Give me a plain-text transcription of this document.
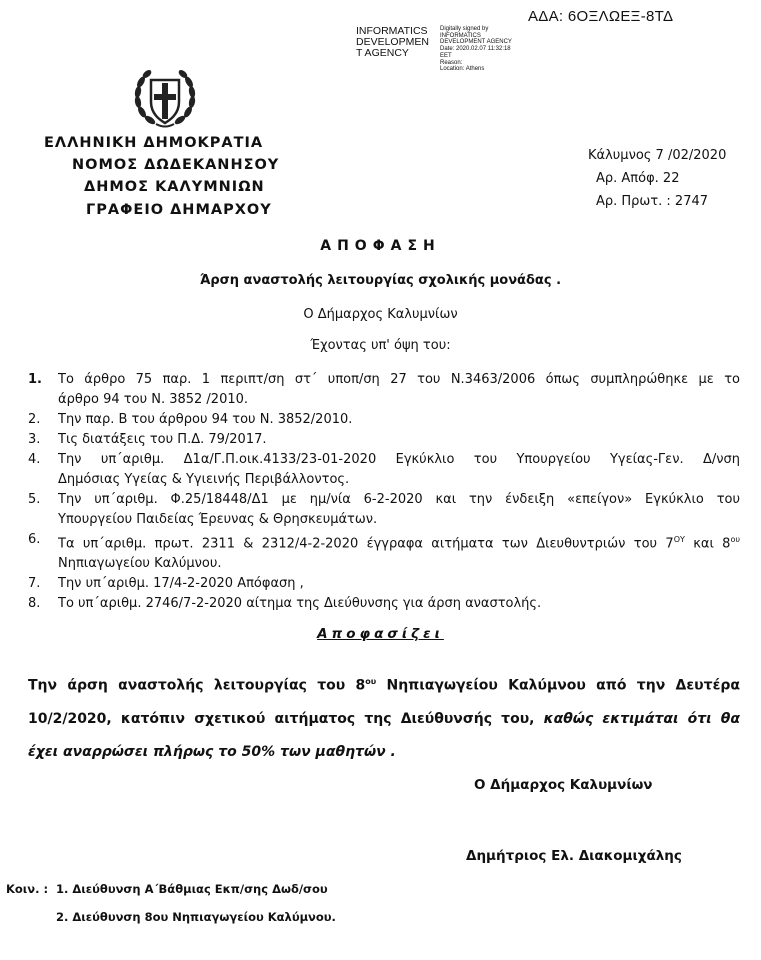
ΑΔΑ: 6ΟΞΛΩΕΞ-8ΤΔ
INFORMATICS
DEVELOPMEN
T AGENCY
Digitally signed by
INFORMATICS
DEVELOPMENT AGENCY
Date: 2020.02.07 11:32:18
EET
Reason:
Location: Athens
ΕΛΛΗΝΙΚΗ ΔΗΜΟΚΡΑΤΙΑ
ΝΟΜΟΣ ΔΩΔΕΚΑΝΗΣΟΥ
ΔΗΜΟΣ ΚΑΛΥΜΝΙΩΝ
ΓΡΑΦΕΙΟ ΔΗΜΑΡΧΟΥ
Κάλυμνος 7 /02/2020
Αρ. Απόφ. 22
Αρ. Πρωτ. : 2747
ΑΠΟΦΑΣΗ
Άρση αναστολής λειτουργίας σχολικής μονάδας .
Ο Δήμαρχος Καλυμνίων
Έχοντας υπ' όψη του:
1.	Το άρθρο 75 παρ. 1 περιπτ/ση στ΄ υποπ/ση 27 του Ν.3463/2006 όπως συμπληρώθηκε με το
άρθρο 94 του Ν. 3852 /2010.
2.	Την παρ. Β του άρθρου 94 του Ν. 3852/2010.
3.	Τις διατάξεις του Π.Δ. 79/2017.
4.	Την υπ΄αριθμ. Δ1α/Γ.Π.οικ.4133/23-01-2020 Εγκύκλιο του Υπουργείου Υγείας-Γεν. Δ/νση
Δημόσιας Υγείας & Υγιεινής Περιβάλλοντος.
5.	Την υπ΄αριθμ. Φ.25/18448/Δ1 με ημ/νία 6-2-2020 και την ένδειξη «επείγον» Εγκύκλιο του
Υπουργείου Παιδείας Έρευνας & Θρησκευμάτων.
6.	Τα υπ΄αριθμ. πρωτ. 2311 & 2312/4-2-2020 έγγραφα αιτήματα των Διευθυντριών του $7^{O\Upsilon}$ και $8^{o\upsilon}$
Νηπιαγωγείου Καλύμνου.
7.	Την υπ΄αριθμ. 17/4-2-2020 Απόφαση ,
8.	Το υπ΄αριθμ. 2746/7-2-2020 αίτημα της Διεύθυνσης για άρση αναστολής.
Αποφασίζει
Την άρση αναστολής λειτουργίας του $8^{o\upsilon}$ Νηπιαγωγείου Καλύμνου από την Δευτέρα
10/2/2020, κατόπιν σχετικού αιτήματος της Διεύθυνσής του, καθώς εκτιμάται ότι θα
έχει αναρρώσει πλήρως το 50% των μαθητών .
Ο Δήμαρχος Καλυμνίων
Δημήτριος Ελ. Διακομιχάλης
Κοιν. : 1. Διεύθυνση Α΄Βάθμιας Εκπ/σης Δωδ/σου
2. Διεύθυνση 8ου Νηπιαγωγείου Καλύμνου.
